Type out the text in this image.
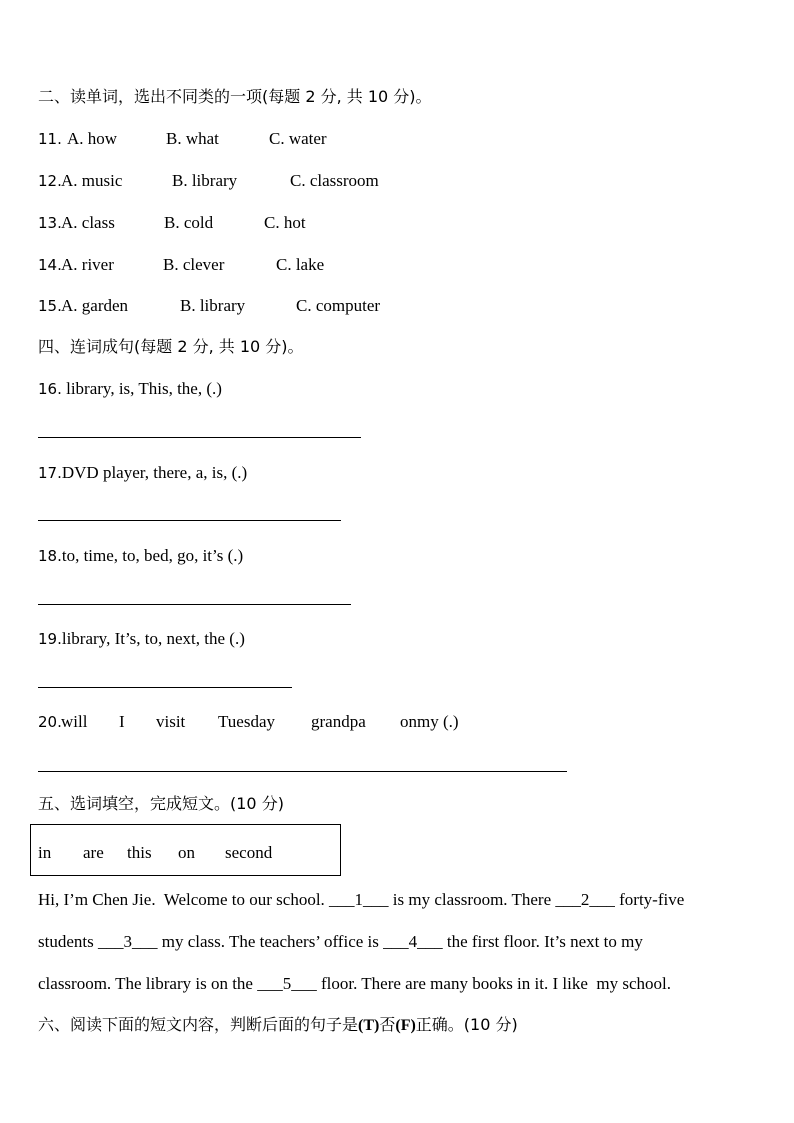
二、读单词，选出不同类的一项(每题 2 分, 共 10 分)。

11.

A. how

	B. what

	C. water

12.

A. music

	B. library

	C. classroom

13.

A. class

	B. cold

	C. hot

14.

A. river

	B. clever

	C. lake

15.

A. garden

	B. library

	C. computer

四、连词成句(每题 2 分, 共 10 分)。
16. library, is, This, the, (.)
17.DVD player, there, a, is, (.)
18.to, time, to, bed, go, it’s (.)
19.library, It’s, to, next, the (.)

20.

will

I

visit

Tuesday

grandpa

onmy (.)

五、选词填空，完成短文。(10 分)
in are this on second
Hi, I’m Chen Jie.  Welcome to our school. ___1___ is my classroom. There ___2___ forty-five
students ___3___ my class. The teachers’ office is ___4___ the first floor. It’s next to my
classroom. The library is on the ___5___ floor. There are many books in it. I like  my school.
六、阅读下面的短文内容，判断后面的句子是(T)否(F)正确。(10 分)
